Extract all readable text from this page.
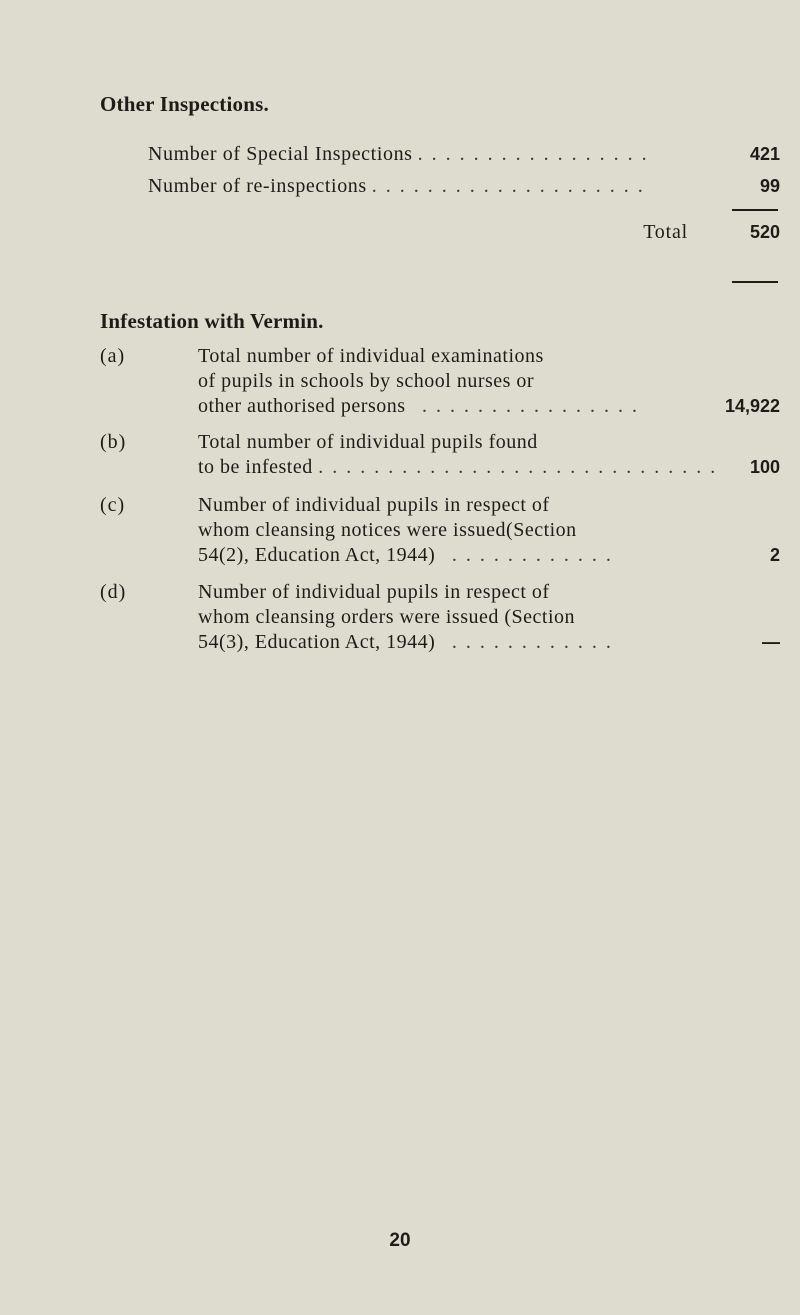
Other Inspections.
Number of Special Inspections . . . . . . . . . . . . . . . . .	421
Number of re-inspections . . . . . . . . . . . . . . . . . . . .	99
Total	520
Infestation with Vermin.
(a)	Total number of individual examinations
of pupils in schools by school nurses or
other authorised persons . . . . . . . . . . . . . . . .	14,922
(b)	Total number of individual pupils found
to be infested . . . . . . . . . . . . . . . . . . . . . . . . . . . . . 100
(c)	Number of individual pupils in respect of
whom cleansing notices were issued(Section
54(2), Education Act, 1944) . . . . . . . . . . . .	2
(d)	Number of individual pupils in respect of
whom cleansing orders were issued (Section
54(3), Education Act, 1944) . . . . . . . . . . . .	—
20
